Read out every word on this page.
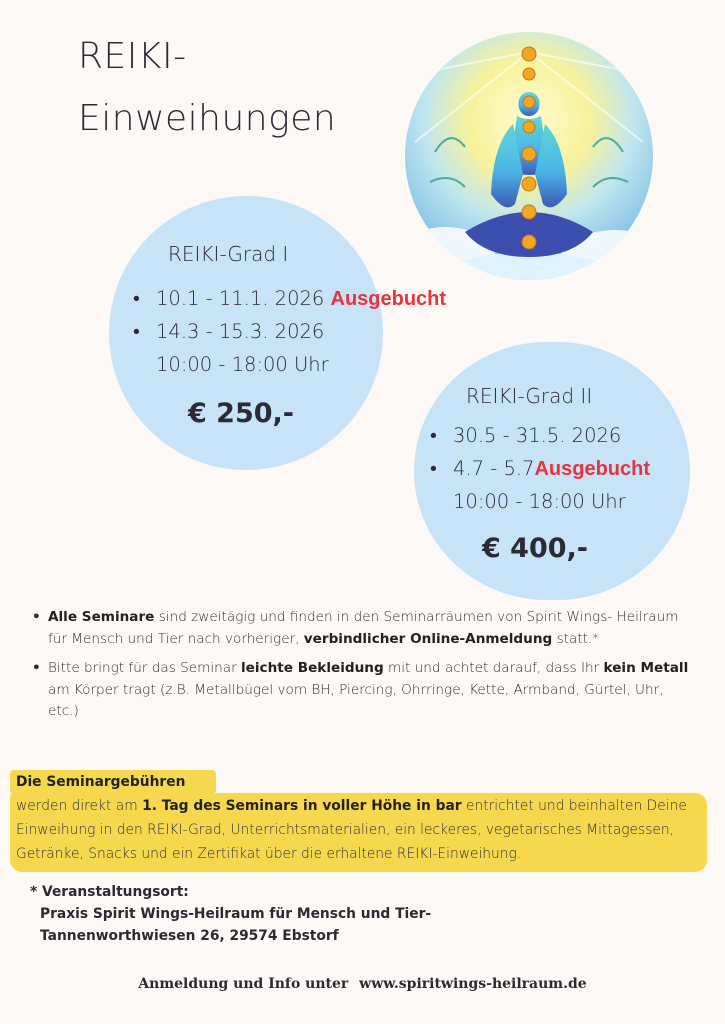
REIKI-
Einweihungen
REIKI-Grad I
• 10.1 - 11.1. 2026 Ausgebucht
• 14.3 - 15.3. 2026
10:00 - 18:00 Uhr
€ 250,-
REIKI-Grad II
• 30.5 - 31.5. 2026
• 4.7 - 5.7Ausgebucht
10:00 - 18:00 Uhr
€ 400,-
• Alle Seminare sind zweitägig und finden in den Seminarräumen von Spirit Wings- Heilraum für Mensch und Tier nach vorheriger, verbindlicher Online-Anmeldung statt.*
• Bitte bringt für das Seminar leichte Bekleidung mit und achtet darauf, dass Ihr kein Metall am Körper tragt (z.B. Metallbügel vom BH, Piercing, Ohrringe, Kette, Armband, Gürtel, Uhr, etc.)

Die Seminargebühren
werden direkt am 1. Tag des Seminars in voller Höhe in bar entrichtet und beinhalten Deine Einweihung in den REIKI-Grad, Unterrichtsmaterialien, ein leckeres, vegetarisches Mittagessen, Getränke, Snacks und ein Zertifikat über die erhaltene REIKI-Einweihung.

* Veranstaltungsort:
Praxis Spirit Wings-Heilraum für Mensch und Tier-
Tannenworthwiesen 26, 29574 Ebstorf

Anmeldung und Info unter www.spiritwings-heilraum.de
